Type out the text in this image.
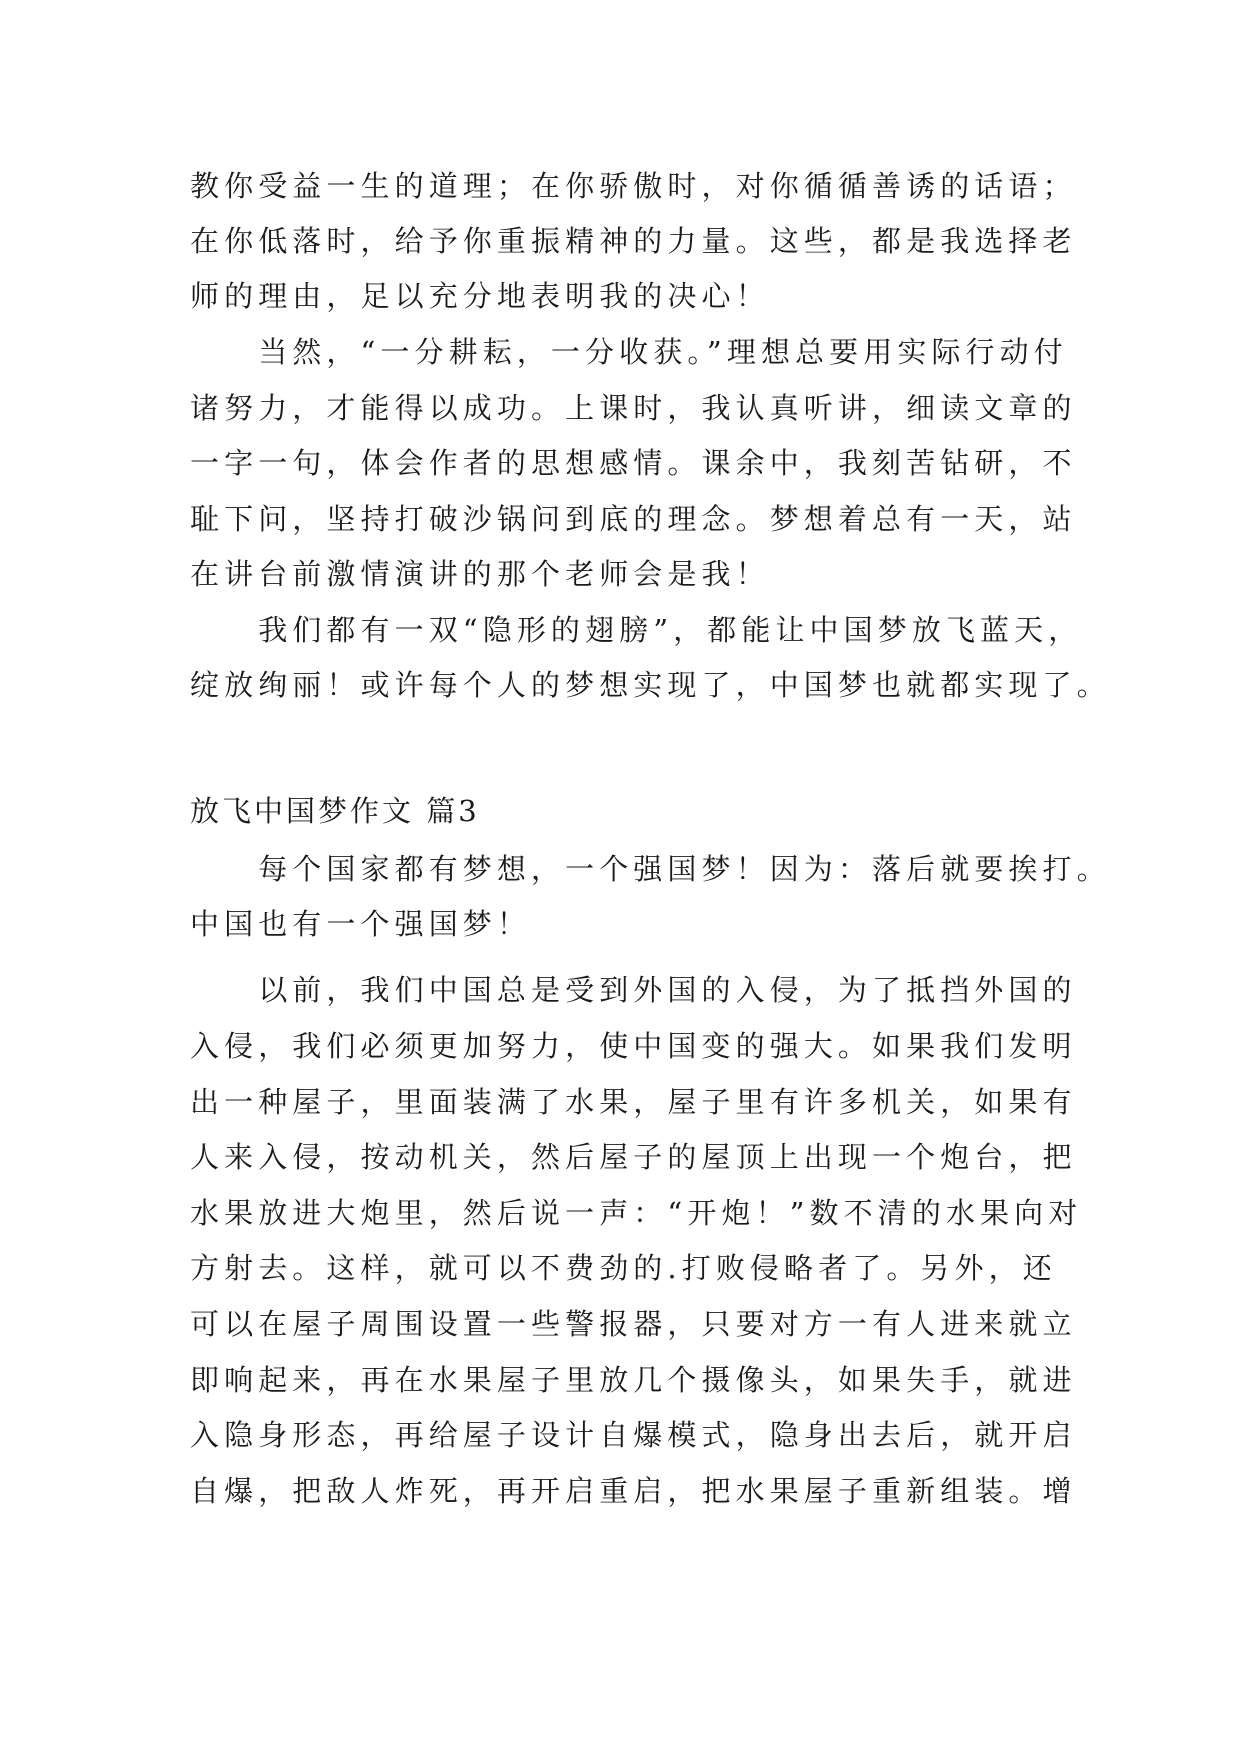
教你受益一生的道理；在你骄傲时，对你循循善诱的话语；
在你低落时，给予你重振精神的力量。这些，都是我选择老
师的理由，足以充分地表明我的决心！
　　当然，“一分耕耘，一分收获。”理想总要用实际行动付
诸努力，才能得以成功。上课时，我认真听讲，细读文章的
一字一句，体会作者的思想感情。课余中，我刻苦钻研，不
耻下问，坚持打破沙锅问到底的理念。梦想着总有一天，站
在讲台前激情演讲的那个老师会是我！
　　我们都有一双“隐形的翅膀”，都能让中国梦放飞蓝天，
绽放绚丽！或许每个人的梦想实现了，中国梦也就都实现了。
放飞中国梦作文 篇3
　　每个国家都有梦想，一个强国梦！因为：落后就要挨打。
中国也有一个强国梦！
　　以前，我们中国总是受到外国的入侵，为了抵挡外国的
入侵，我们必须更加努力，使中国变的强大。如果我们发明
出一种屋子，里面装满了水果，屋子里有许多机关，如果有
人来入侵，按动机关，然后屋子的屋顶上出现一个炮台，把
水果放进大炮里，然后说一声：“开炮！”数不清的水果向对
方射去。这样，就可以不费劲的.打败侵略者了。另外，还
可以在屋子周围设置一些警报器，只要对方一有人进来就立
即响起来，再在水果屋子里放几个摄像头，如果失手，就进
入隐身形态，再给屋子设计自爆模式，隐身出去后，就开启
自爆，把敌人炸死，再开启重启，把水果屋子重新组装。增
